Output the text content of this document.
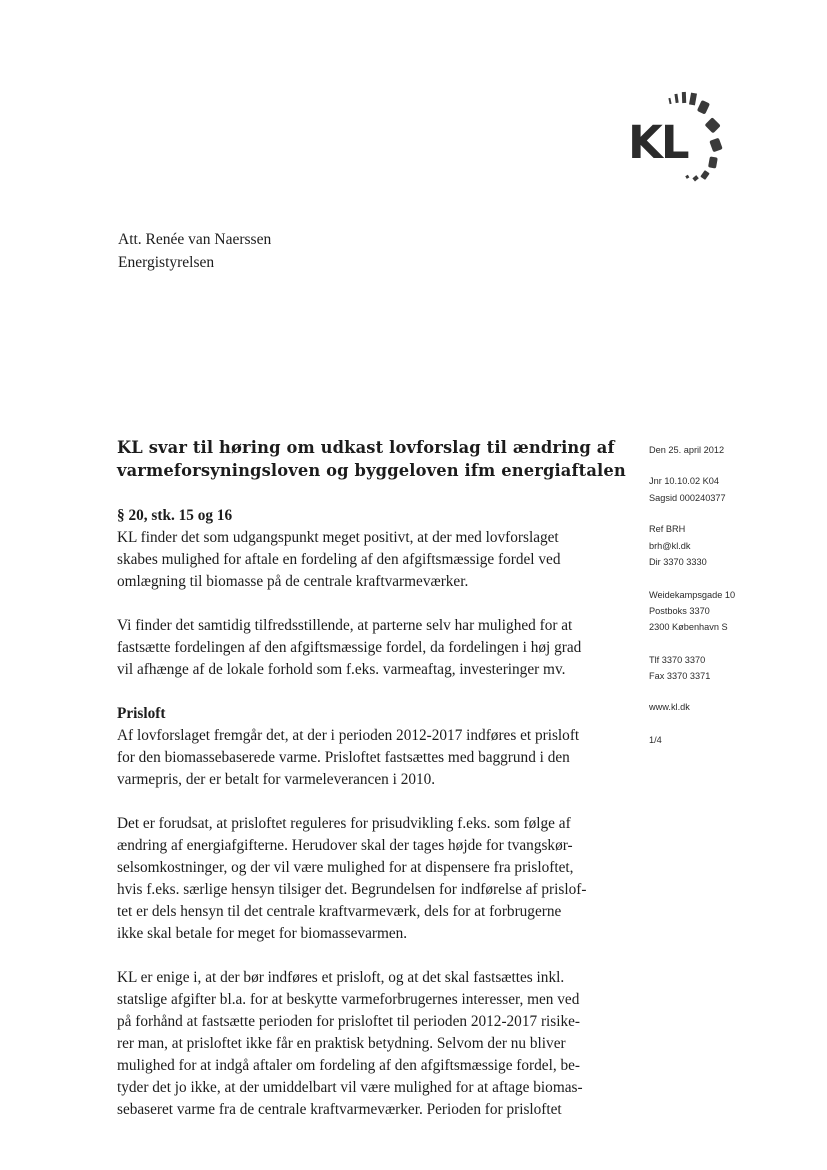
KL
Att. Renée van Naerssen
Energistyrelsen
KL svar til høring om udkast lovforslag til ændring af
varmeforsyningsloven og byggeloven ifm energiaftalen
§ 20, stk. 15 og 16

KL finder det som udgangspunkt meget positivt, at der med lovforslaget
skabes mulighed for aftale en fordeling af den afgiftsmæssige fordel ved
omlægning til biomasse på de centrale kraftvarmeværker.

Vi finder det samtidig tilfredsstillende, at parterne selv har mulighed for at
fastsætte fordelingen af den afgiftsmæssige fordel, da fordelingen i høj grad
vil afhænge af de lokale forhold som f.eks. varmeaftag, investeringer mv.

Prisloft

Af lovforslaget fremgår det, at der i perioden 2012-2017 indføres et prisloft
for den biomassebaserede varme. Prisloftet fastsættes med baggrund i den
varmepris, der er betalt for varmeleverancen i 2010.

Det er forudsat, at prisloftet reguleres for prisudvikling f.eks. som følge af
ændring af energiafgifterne. Herudover skal der tages højde for tvangskør-
selsomkostninger, og der vil være mulighed for at dispensere fra prisloftet,
hvis f.eks. særlige hensyn tilsiger det. Begrundelsen for indførelse af prislof-
tet er dels hensyn til det centrale kraftvarmeværk, dels for at forbrugerne
ikke skal betale for meget for biomassevarmen.

KL er enige i, at der bør indføres et prisloft, og at det skal fastsættes inkl.
statslige afgifter bl.a. for at beskytte varmeforbrugernes interesser, men ved
på forhånd at fastsætte perioden for prisloftet til perioden 2012-2017 risike-
rer man, at prisloftet ikke får en praktisk betydning. Selvom der nu bliver
mulighed for at indgå aftaler om fordeling af den afgiftsmæssige fordel, be-
tyder det jo ikke, at der umiddelbart vil være mulighed for at aftage biomas-
sebaseret varme fra de centrale kraftvarmeværker. Perioden for prisloftet

Den 25. april 2012
Jnr 10.10.02 K04
Sagsid 000240377
Ref BRH
brh@kl.dk
Dir 3370 3330
Weidekampsgade 10
Postboks 3370
2300 København S
Tlf 3370 3370
Fax 3370 3371
www.kl.dk
1/4
